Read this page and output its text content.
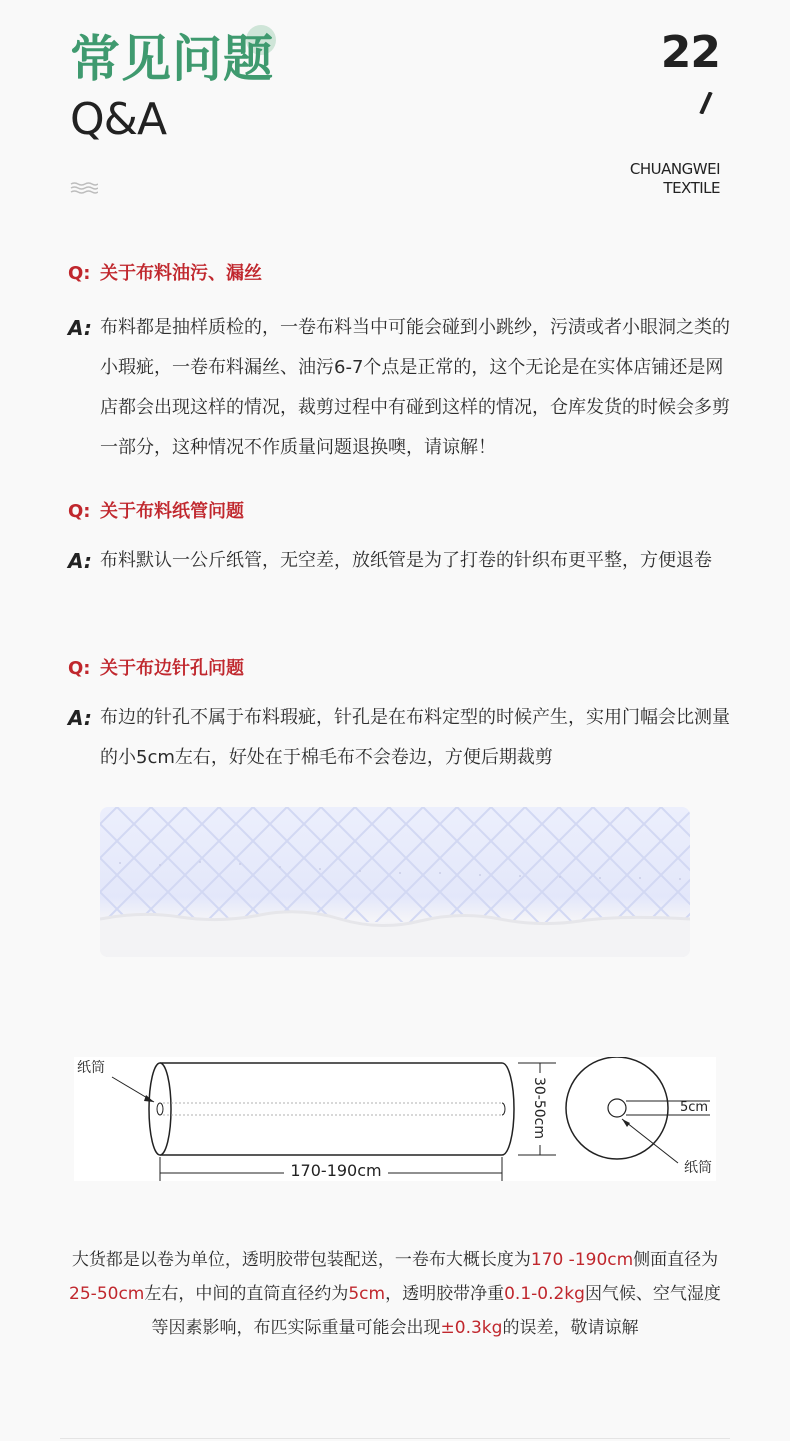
常见问题
Q&A
22
CHUANGWEI
TEXTILE
Q: 关于布料油污、漏丝
A: 布料都是抽样质检的，一卷布料当中可能会碰到小跳纱，污渍或者小眼洞之类的小瑕疵，一卷布料漏丝、油污6-7个点是正常的，这个无论是在实体店铺还是网店都会出现这样的情况，裁剪过程中有碰到这样的情况，仓库发货的时候会多剪一部分，这种情况不作质量问题退换噢，请谅解！
Q: 关于布料纸管问题
A: 布料默认一公斤纸管，无空差，放纸管是为了打卷的针织布更平整，方便退卷
Q: 关于布边针孔问题
A: 布边的针孔不属于布料瑕疵，针孔是在布料定型的时候产生，实用门幅会比测量的小5cm左右，好处在于棉毛布不会卷边，方便后期裁剪
纸筒
170-190cm
30-50cm	5cm
纸筒
大货都是以卷为单位，透明胶带包装配送，一卷布大概长度为170 -190cm侧面直径为25-50cm左右，中间的直筒直径约为5cm，透明胶带净重0.1-0.2kg因气候、空气湿度等因素影响，布匹实际重量可能会出现±0.3kg的误差，敬请谅解
